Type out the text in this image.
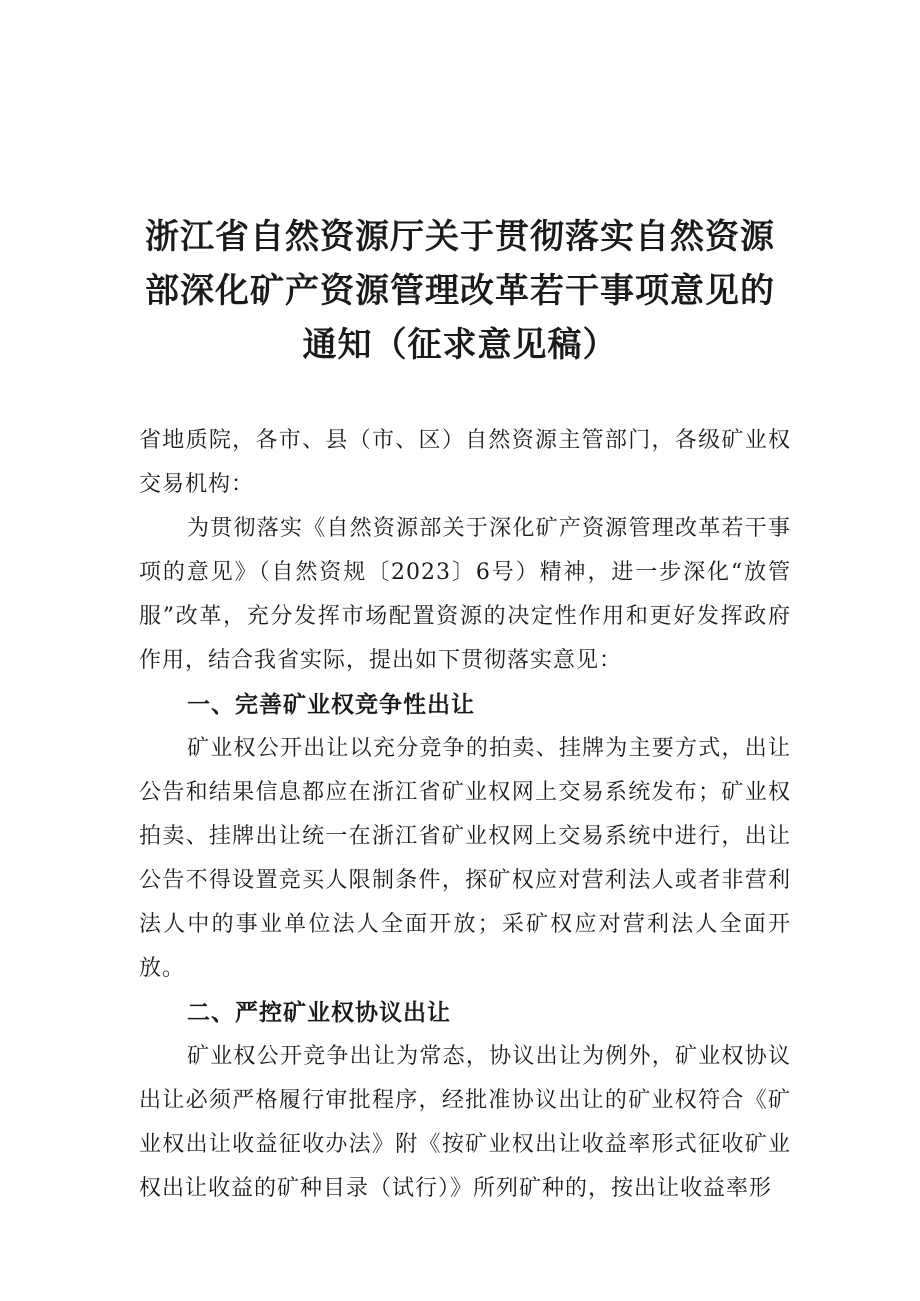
浙江省自然资源厅关于贯彻落实自然资源
部深化矿产资源管理改革若干事项意见的
通知（征求意见稿）

省地质院，各市、县（市、区）自然资源主管部门，各级矿业权交易机构：

为贯彻落实《自然资源部关于深化矿产资源管理改革若干事项的意见》（自然资规〔2023〕6号）精神，进一步深化“放管服”改革，充分发挥市场配置资源的决定性作用和更好发挥政府作用，结合我省实际，提出如下贯彻落实意见：

一、完善矿业权竞争性出让

矿业权公开出让以充分竞争的拍卖、挂牌为主要方式，出让公告和结果信息都应在浙江省矿业权网上交易系统发布；矿业权拍卖、挂牌出让统一在浙江省矿业权网上交易系统中进行，出让公告不得设置竞买人限制条件，探矿权应对营利法人或者非营利法人中的事业单位法人全面开放；采矿权应对营利法人全面开放。

二、严控矿业权协议出让

矿业权公开竞争出让为常态，协议出让为例外，矿业权协议出让必须严格履行审批程序，经批准协议出让的矿业权符合《矿业权出让收益征收办法》附《按矿业权出让收益率形式征收矿业权出让收益的矿种目录（试行）》所列矿种的，按出让收益率形
